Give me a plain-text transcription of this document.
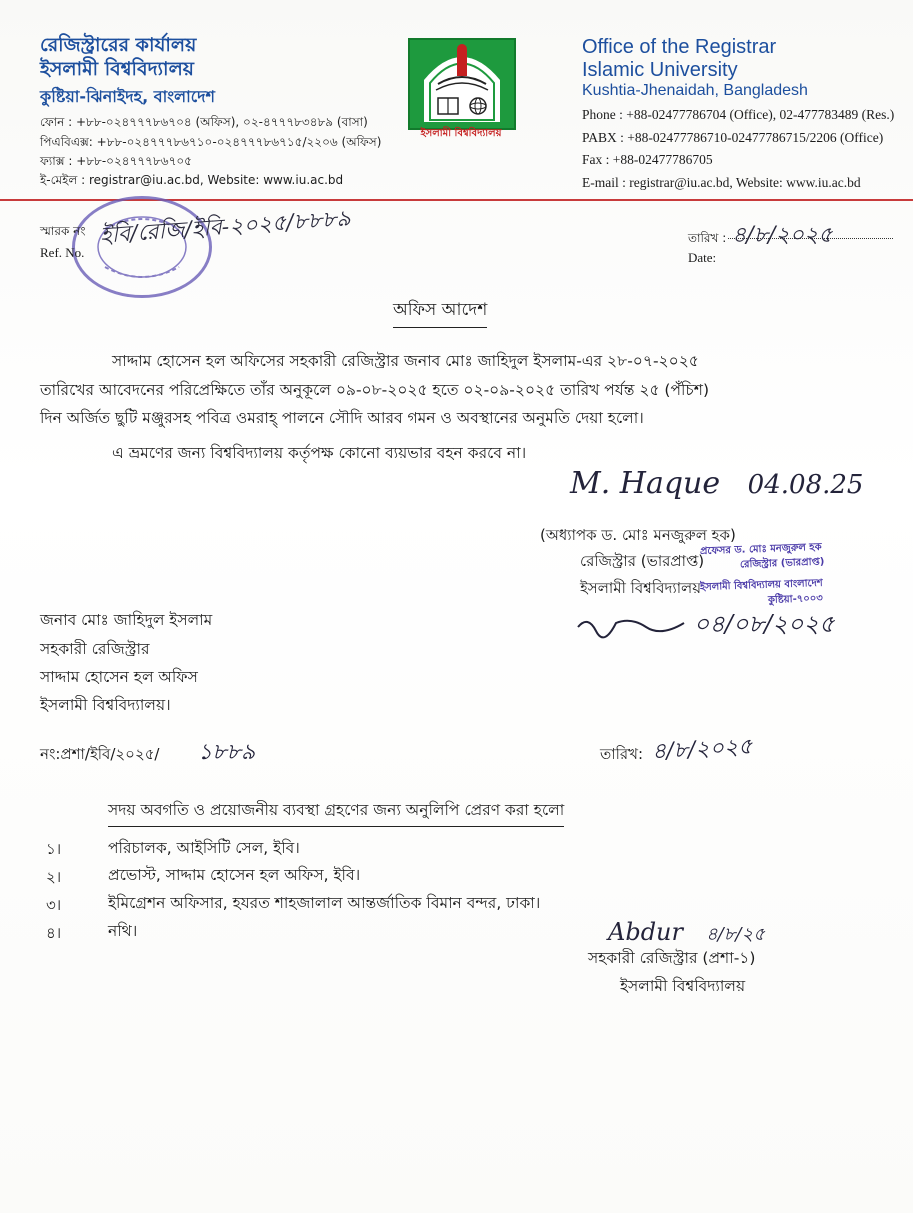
রেজিস্ট্রারের কার্যালয়
ইসলামী বিশ্ববিদ্যালয়
কুষ্টিয়া-ঝিনাইদহ, বাংলাদেশ
ফোন : +৮৮-০২৪৭৭৭৮৬৭০৪ (অফিস), ০২-৪৭৭৭৮৩৪৮৯ (বাসা)
পিএবিএক্স: +৮৮-০২৪৭৭৭৮৬৭১০-০২৪৭৭৭৮৬৭১৫/২২০৬ (অফিস)
ফ্যাক্স : +৮৮-০২৪৭৭৭৮৬৭০৫
ই-মেইল : registrar@iu.ac.bd, Website: www.iu.ac.bd
ইসলামী বিশ্ববিদ্যালয়
Office of the Registrar
Islamic University
Kushtia-Jhenaidah, Bangladesh
Phone : +88-02477786704 (Office), 02-477783489 (Res.)
PABX : +88-02477786710-02477786715/2206 (Office)
Fax : +88-02477786705
E-mail : registrar@iu.ac.bd, Website: www.iu.ac.bd
স্মারক নং
Ref. No.
ইবি/রেজি/ইবি-২০২৫/৮৮৮৯	তারিখ : ৪/৮/২০২৫
Date:
অফিস আদেশ
সাদ্দাম হোসেন হল অফিসের সহকারী রেজিস্ট্রার জনাব মোঃ জাহিদুল ইসলাম-এর ২৮-০৭-২০২৫
তারিখের আবেদনের পরিপ্রেক্ষিতে তাঁর অনুকূলে ০৯-০৮-২০২৫ হতে ০২-০৯-২০২৫ তারিখ পর্যন্ত ২৫ (পঁচিশ)
দিন অর্জিত ছুটি মঞ্জুরসহ পবিত্র ওমরাহ্ পালনে সৌদি আরব গমন ও অবস্থানের অনুমতি দেয়া হলো।
এ ভ্রমণের জন্য বিশ্ববিদ্যালয় কর্তৃপক্ষ কোনো ব্যয়ভার বহন করবে না।
M. Haque 04.08.25
(অধ্যাপক ড. মোঃ মনজুরুল হক)
রেজিস্ট্রার (ভারপ্রাপ্ত)
ইসলামী বিশ্ববিদ্যালয়
প্রফেসর ড. মোঃ মনজুরুল হক
রেজিস্ট্রার (ভারপ্রাপ্ত)
ইসলামী বিশ্ববিদ্যালয় বাংলাদেশ
কুষ্টিয়া-৭০০৩
০৪/০৮/২০২৫
জনাব মোঃ জাহিদুল ইসলাম
সহকারী রেজিস্ট্রার
সাদ্দাম হোসেন হল অফিস
ইসলামী বিশ্ববিদ্যালয়।
নং:প্রশা/ইবি/২০২৫/ ১৮৮৯	তারিখ: ৪/৮/২০২৫
সদয় অবগতি ও প্রয়োজনীয় ব্যবস্থা গ্রহণের জন্য অনুলিপি প্রেরণ করা হলো
১।	পরিচালক, আইসিটি সেল, ইবি।
২।	প্রভোস্ট, সাদ্দাম হোসেন হল অফিস, ইবি।
৩।	ইমিগ্রেশন অফিসার, হযরত শাহজালাল আন্তর্জাতিক বিমান বন্দর, ঢাকা।
৪।	নথি।	Abdur ৪/৮/২৫
সহকারী রেজিস্ট্রার (প্রশা-১)
ইসলামী বিশ্ববিদ্যালয়
